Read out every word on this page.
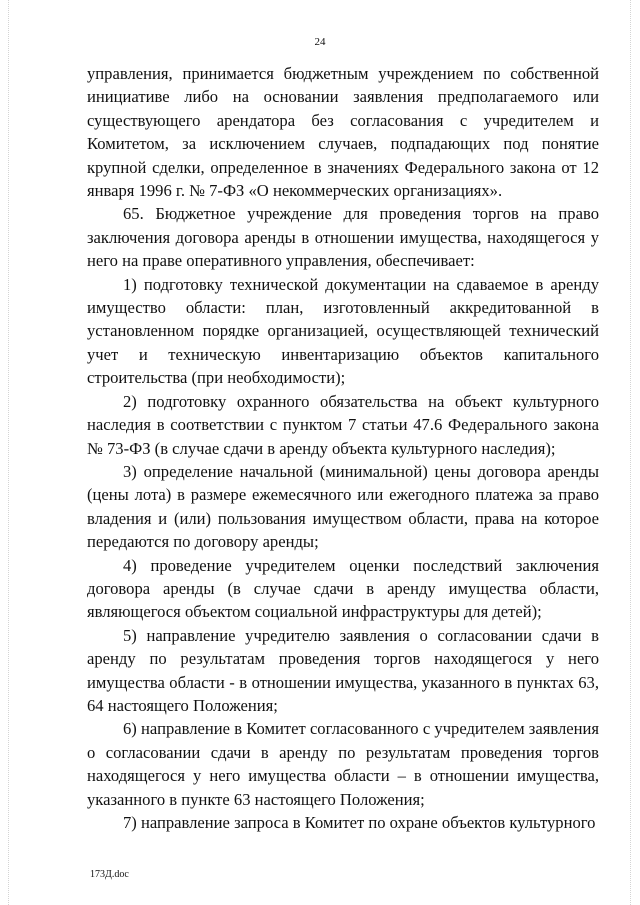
24

управления, принимается бюджетным учреждением по собственной инициативе либо на основании заявления предполагаемого или существующего арендатора без согласования с учредителем и Комитетом, за исключением случаев, подпадающих под понятие крупной сделки, определенное в значениях Федерального закона от 12 января 1996 г. № 7-ФЗ «О некоммерческих организациях».

65. Бюджетное учреждение для проведения торгов на право заключения договора аренды в отношении имущества, находящегося у него на праве оперативного управления, обеспечивает:

1) подготовку технической документации на сдаваемое в аренду имущество области: план, изготовленный аккредитованной в установленном порядке организацией, осуществляющей технический учет и техническую инвентаризацию объектов капитального строительства (при необходимости);

2) подготовку охранного обязательства на объект культурного наследия в соответствии с пунктом 7 статьи 47.6 Федерального закона № 73-ФЗ (в случае сдачи в аренду объекта культурного наследия);

3) определение начальной (минимальной) цены договора аренды (цены лота) в размере ежемесячного или ежегодного платежа за право владения и (или) пользования имуществом области, права на которое передаются по договору аренды;

4) проведение учредителем оценки последствий заключения договора аренды (в случае сдачи в аренду имущества области, являющегося объектом социальной инфраструктуры для детей);

5) направление учредителю заявления о согласовании сдачи в аренду по результатам проведения торгов находящегося у него имущества области - в отношении имущества, указанного в пунктах 63, 64 настоящего Положения;

6) направление в Комитет согласованного с учредителем заявления о согласовании сдачи в аренду по результатам проведения торгов находящегося у него имущества области – в отношении имущества, указанного в пункте 63 настоящего Положения;

7) направление запроса в Комитет по охране объектов культурного

173Д.doc
